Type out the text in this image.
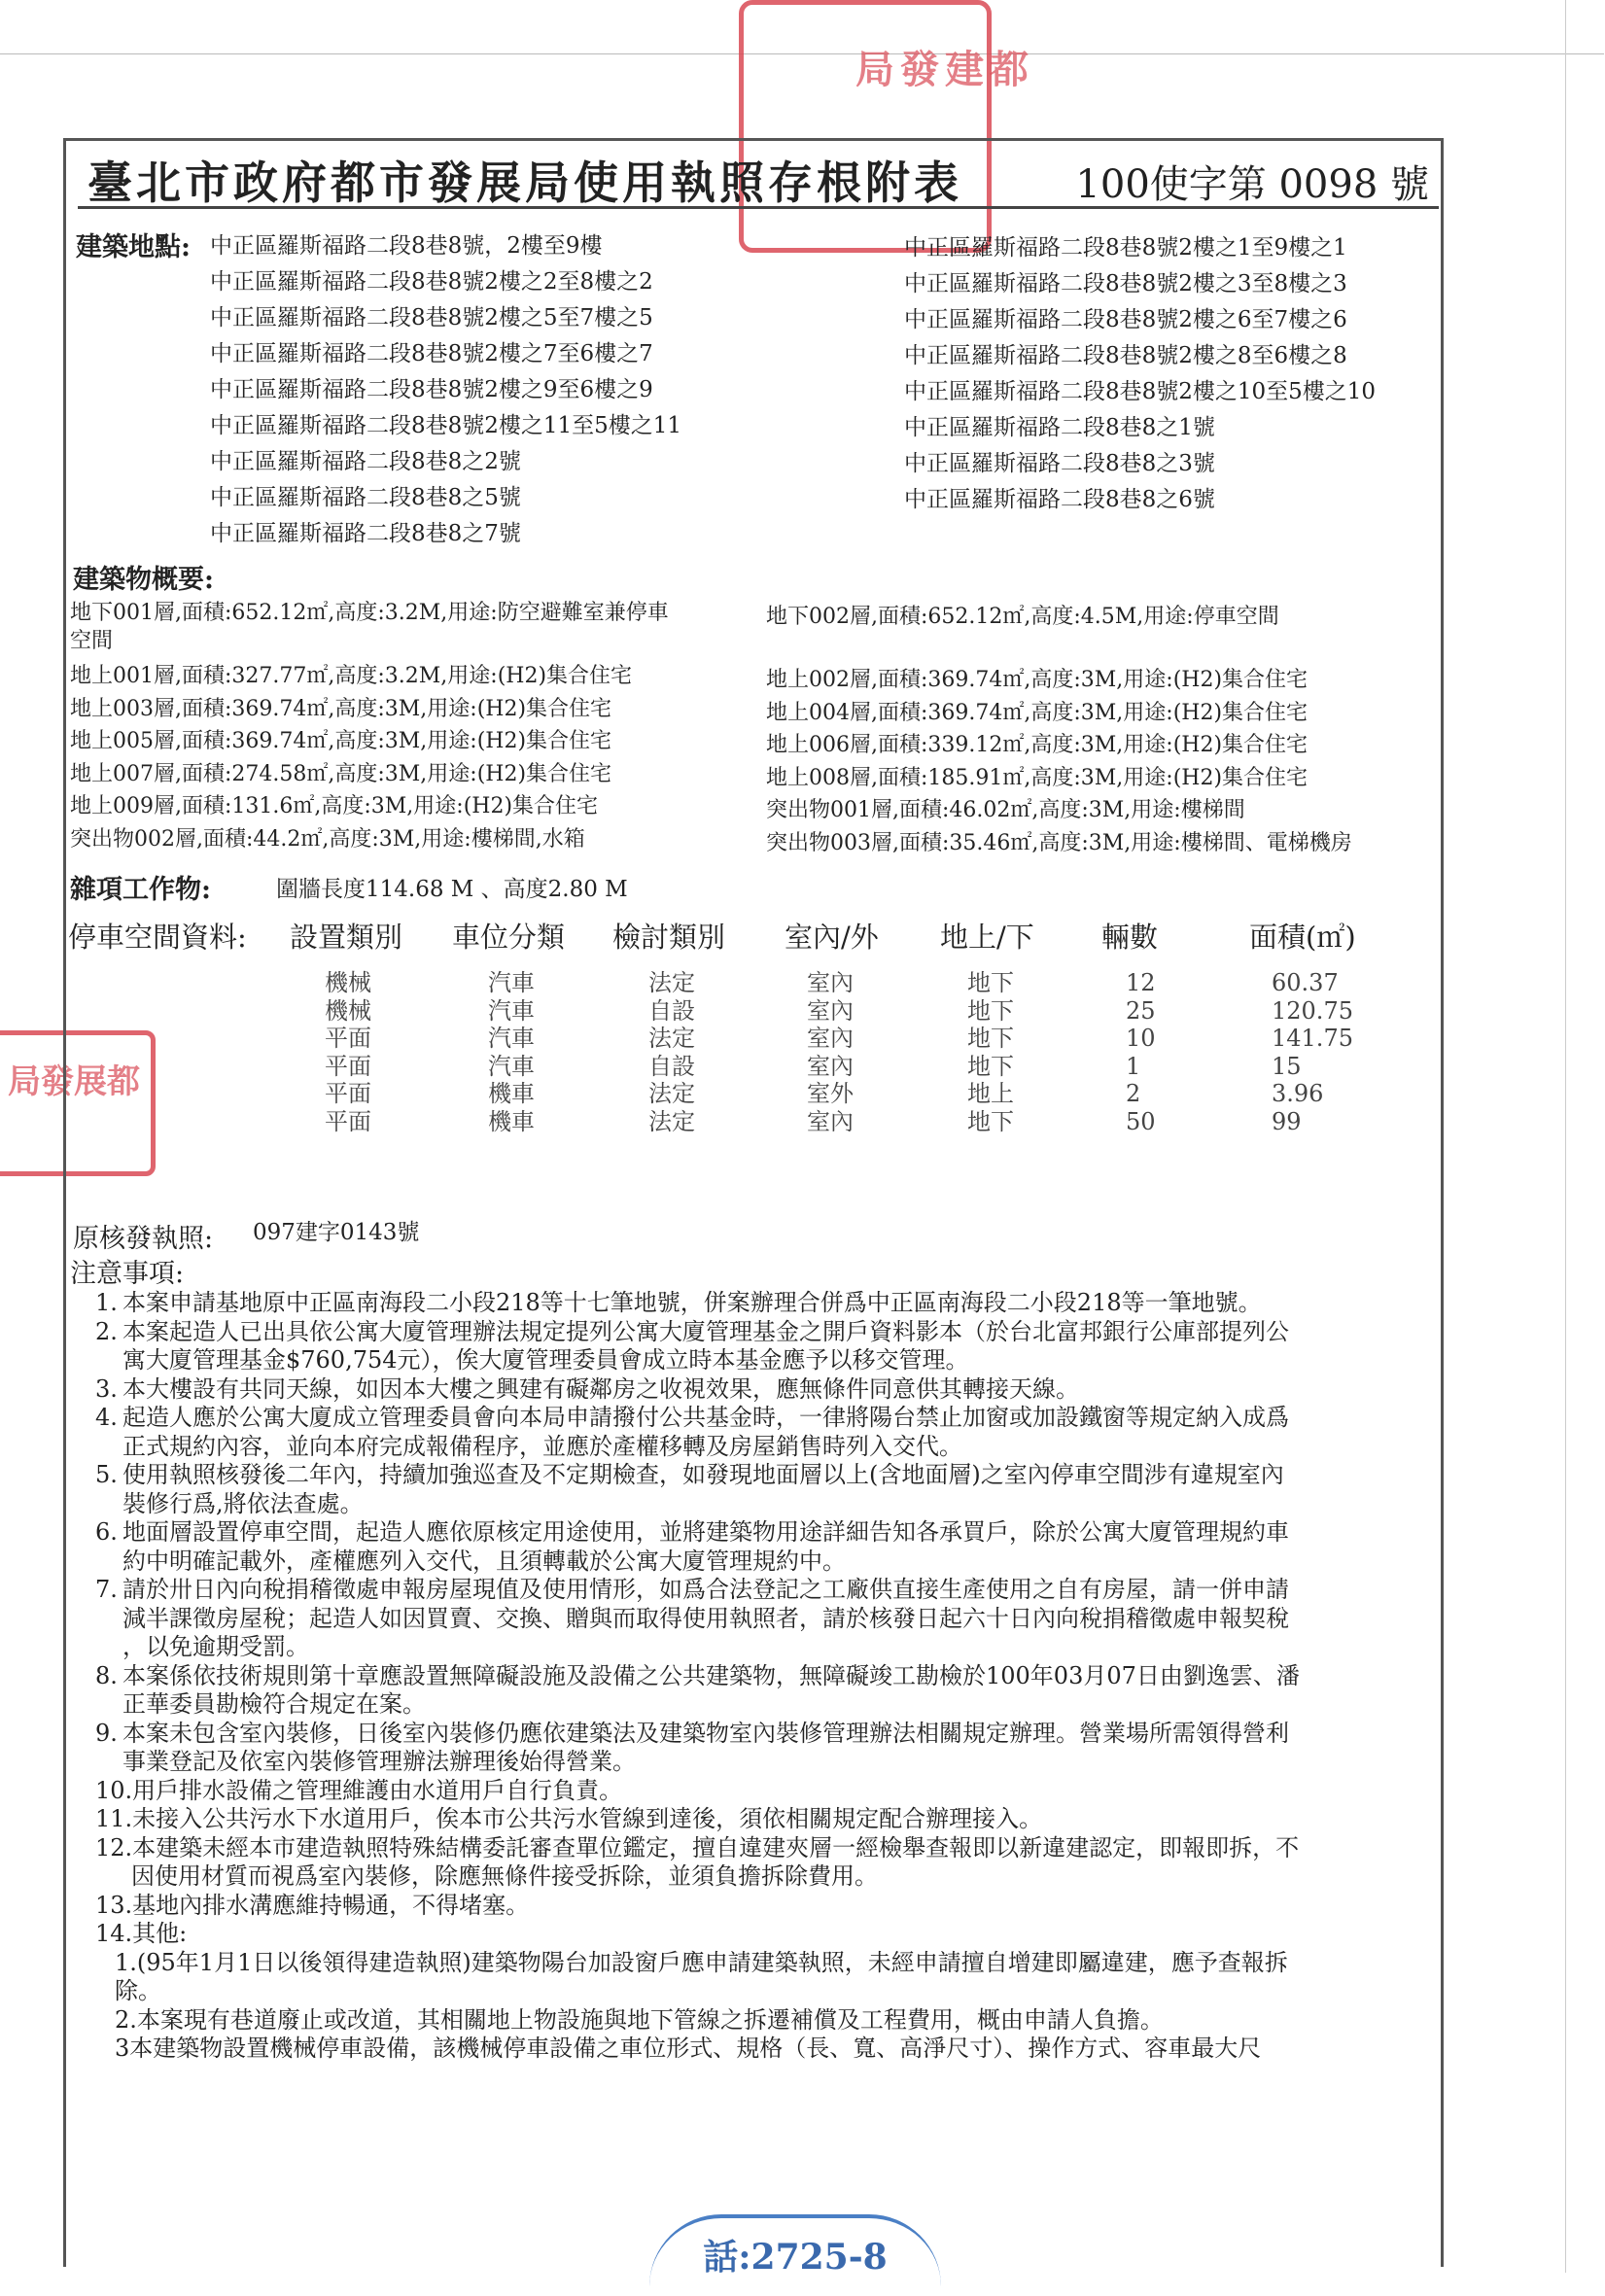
局發建都
局發展都
臺北市政府都市發展局使用執照存根附表	100使字第 0098 號
建築地點: 中正區羅斯福路二段8巷8號，2樓至9樓
中正區羅斯福路二段8巷8號2樓之2至8樓之2
中正區羅斯福路二段8巷8號2樓之5至7樓之5
中正區羅斯福路二段8巷8號2樓之7至6樓之7
中正區羅斯福路二段8巷8號2樓之9至6樓之9
中正區羅斯福路二段8巷8號2樓之11至5樓之11
中正區羅斯福路二段8巷8之2號
中正區羅斯福路二段8巷8之5號
中正區羅斯福路二段8巷8之7號
中正區羅斯福路二段8巷8號2樓之1至9樓之1
中正區羅斯福路二段8巷8號2樓之3至8樓之3
中正區羅斯福路二段8巷8號2樓之6至7樓之6
中正區羅斯福路二段8巷8號2樓之8至6樓之8
中正區羅斯福路二段8巷8號2樓之10至5樓之10
中正區羅斯福路二段8巷8之1號
中正區羅斯福路二段8巷8之3號
中正區羅斯福路二段8巷8之6號
建築物概要:
地下001層,面積:652.12㎡,高度:3.2M,用途:防空避難室兼停車
空間
地下002層,面積:652.12㎡,高度:4.5M,用途:停車空間
地上001層,面積:327.77㎡,高度:3.2M,用途:(H2)集合住宅
地上003層,面積:369.74㎡,高度:3M,用途:(H2)集合住宅
地上005層,面積:369.74㎡,高度:3M,用途:(H2)集合住宅
地上007層,面積:274.58㎡,高度:3M,用途:(H2)集合住宅
地上009層,面積:131.6㎡,高度:3M,用途:(H2)集合住宅
突出物002層,面積:44.2㎡,高度:3M,用途:樓梯間,水箱
地上002層,面積:369.74㎡,高度:3M,用途:(H2)集合住宅
地上004層,面積:369.74㎡,高度:3M,用途:(H2)集合住宅
地上006層,面積:339.12㎡,高度:3M,用途:(H2)集合住宅
地上008層,面積:185.91㎡,高度:3M,用途:(H2)集合住宅
突出物001層,面積:46.02㎡,高度:3M,用途:樓梯間
突出物003層,面積:35.46㎡,高度:3M,用途:樓梯間、電梯機房
雜項工作物:	圍牆長度114.68 M 、高度2.80 M
停車空間資料: 設置類別 車位分類 檢討類別 室內/外 地上/下 輛數	面積(㎡)
機械	汽車	法定	室內	地下	12	60.37
機械	汽車	自設	室內	地下	25	120.75
平面	汽車	法定	室內	地下	10	141.75
平面	汽車	自設	室內	地下	1	15
平面	機車	法定	室外	地上	2	3.96
平面	機車	法定	室內	地下	50	99
原核發執照: 097建字0143號
注意事項:
1. 本案申請基地原中正區南海段二小段218等十七筆地號，併案辦理合併爲中正區南海段二小段218等一筆地號。
2. 本案起造人已出具依公寓大廈管理辦法規定提列公寓大廈管理基金之開戶資料影本（於台北富邦銀行公庫部提列公
寓大廈管理基金$760,754元），俟大廈管理委員會成立時本基金應予以移交管理。
3. 本大樓設有共同天線，如因本大樓之興建有礙鄰房之收視效果，應無條件同意供其轉接天線。
4. 起造人應於公寓大廈成立管理委員會向本局申請撥付公共基金時，一律將陽台禁止加窗或加設鐵窗等規定納入成爲
正式規約內容，並向本府完成報備程序，並應於產權移轉及房屋銷售時列入交代。
5. 使用執照核發後二年內，持續加強巡查及不定期檢查，如發現地面層以上(含地面層)之室內停車空間涉有違規室內
裝修行爲,將依法查處。
6. 地面層設置停車空間，起造人應依原核定用途使用，並將建築物用途詳細告知各承買戶，除於公寓大廈管理規約車
約中明確記載外，產權應列入交代，且須轉載於公寓大廈管理規約中。
7. 請於卅日內向稅捐稽徵處申報房屋現值及使用情形，如爲合法登記之工廠供直接生產使用之自有房屋，請一併申請
減半課徵房屋稅；起造人如因買賣、交換、贈與而取得使用執照者，請於核發日起六十日內向稅捐稽徵處申報契稅
，以免逾期受罰。
8. 本案係依技術規則第十章應設置無障礙設施及設備之公共建築物，無障礙竣工勘檢於100年03月07日由劉逸雲、潘
正華委員勘檢符合規定在案。
9. 本案未包含室內裝修，日後室內裝修仍應依建築法及建築物室內裝修管理辦法相關規定辦理。營業場所需領得營利
事業登記及依室內裝修管理辦法辦理後始得營業。
10.用戶排水設備之管理維護由水道用戶自行負責。
11.未接入公共污水下水道用戶，俟本市公共污水管線到達後，須依相關規定配合辦理接入。
12.本建築未經本市建造執照特殊結構委託審查單位鑑定，擅自違建夾層一經檢舉查報即以新違建認定，即報即拆，不
因使用材質而視爲室內裝修，除應無條件接受拆除，並須負擔拆除費用。
13.基地內排水溝應維持暢通，不得堵塞。
14.其他:
1.(95年1月1日以後領得建造執照)建築物陽台加設窗戶應申請建築執照，未經申請擅自增建即屬違建，應予查報拆
除。
2.本案現有巷道廢止或改道，其相關地上物設施與地下管線之拆遷補償及工程費用，概由申請人負擔。
3本建築物設置機械停車設備，該機械停車設備之車位形式、規格（長、寬、高淨尺寸）、操作方式、容車最大尺
話:2725-8
